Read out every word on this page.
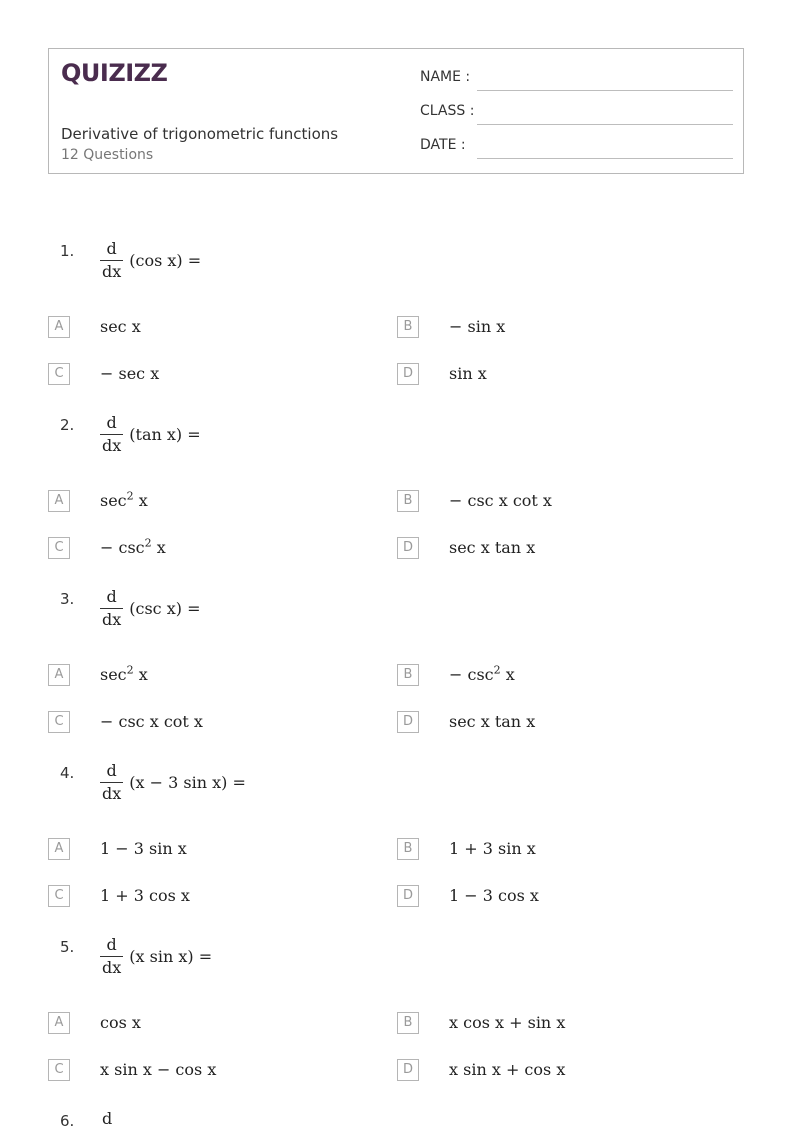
QUIZIZZ
Derivative of trigonometric functions
12 Questions
NAME :
CLASS :
DATE :
1. $\frac{d}{dx} (\cos$ x) =
A	sec x	B	− sin x
C	− sec x	D	sin x
2. $\frac{d}{dx} (\tan$ x) =
A	$\sec^2 x$	B	− csc x cot x
C	− $\csc^2 x$	D	sec x tan x
3. $\frac{d}{dx} (\csc$ x) =
A	$\sec^2 x$	B	− $\csc^2 x$
C	− csc x cot x	D	sec x tan x
4. $\frac{d}{dx} (x - 3$ sin x) =
A	1 − 3 sin x	B	1 + 3 sin x
C	1 + 3 cos x	D	1 − 3 cos x
5. $\frac{d}{dx} (x$ sin x) =
A	cos x	B	x cos x + sin x
C	x sin x − cos x	D	x sin x + cos x
6. d
